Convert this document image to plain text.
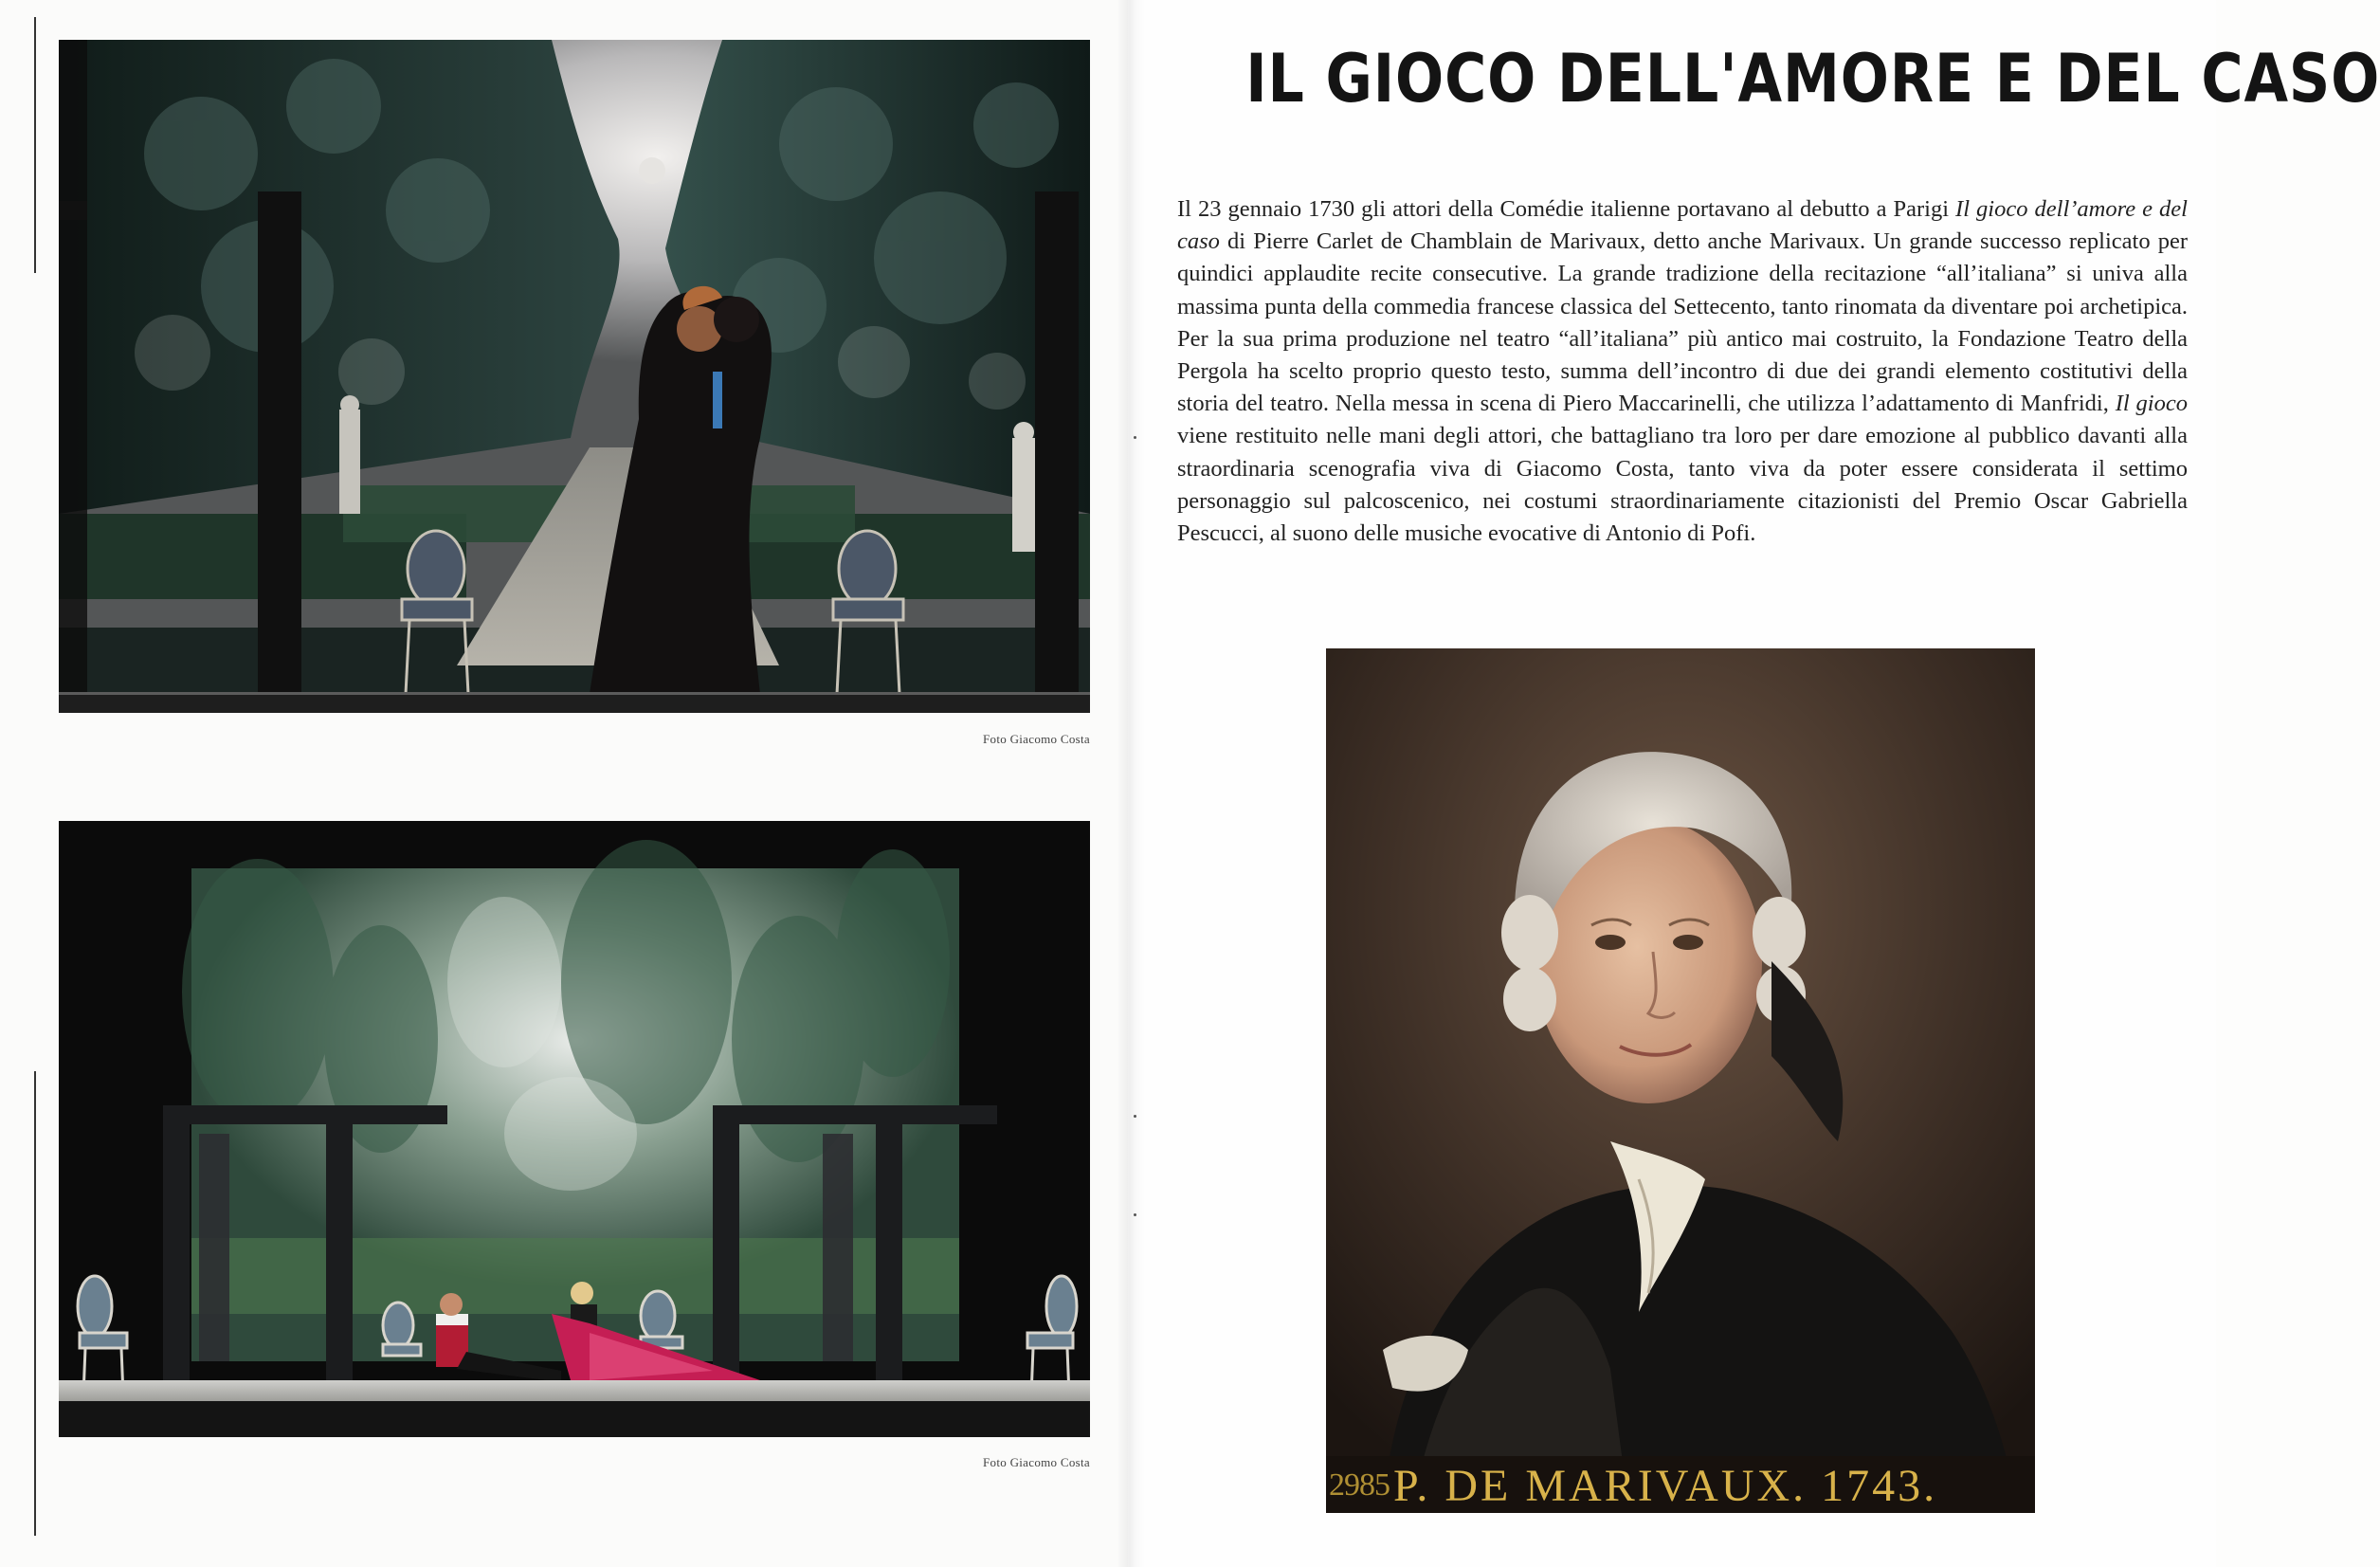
Foto Giacomo Costa
Foto Giacomo Costa
IL GIOCO DELL'AMORE E DEL CASO

Il 23 gennaio 1730 gli attori della Comédie italienne portavano al debutto a Parigi Il gioco dell’amore e del caso di Pierre Carlet de Chamblain de Marivaux, detto anche Marivaux. Un grande successo replicato per quindici applaudite recite consecutive. La grande tradizione della recitazione “all’italiana” si univa alla massima punta della commedia francese classica del Settecento, tanto rinomata da diventare poi archetipica. Per la sua prima produzione nel teatro “all’italiana” più antico mai costruito, la Fondazione Teatro della Pergola ha scelto proprio questo testo, summa dell’incontro di due dei grandi elemento costitutivi della storia del teatro. Nella messa in scena di Piero Maccarinelli, che utilizza l’adattamento di Manfridi, Il gioco viene restituito nelle mani degli attori, che battagliano tra loro per dare emozione al pubblico davanti alla straordinaria scenografia viva di Giacomo Costa, tanto viva da poter essere considerata il settimo personaggio sul palcoscenico, nei costumi straordinariamente citazionisti del Premio Oscar Gabriella Pescucci, al suono delle musiche evocative di Antonio di Pofi.

2985 P. DE MARIVAUX. 1743.
